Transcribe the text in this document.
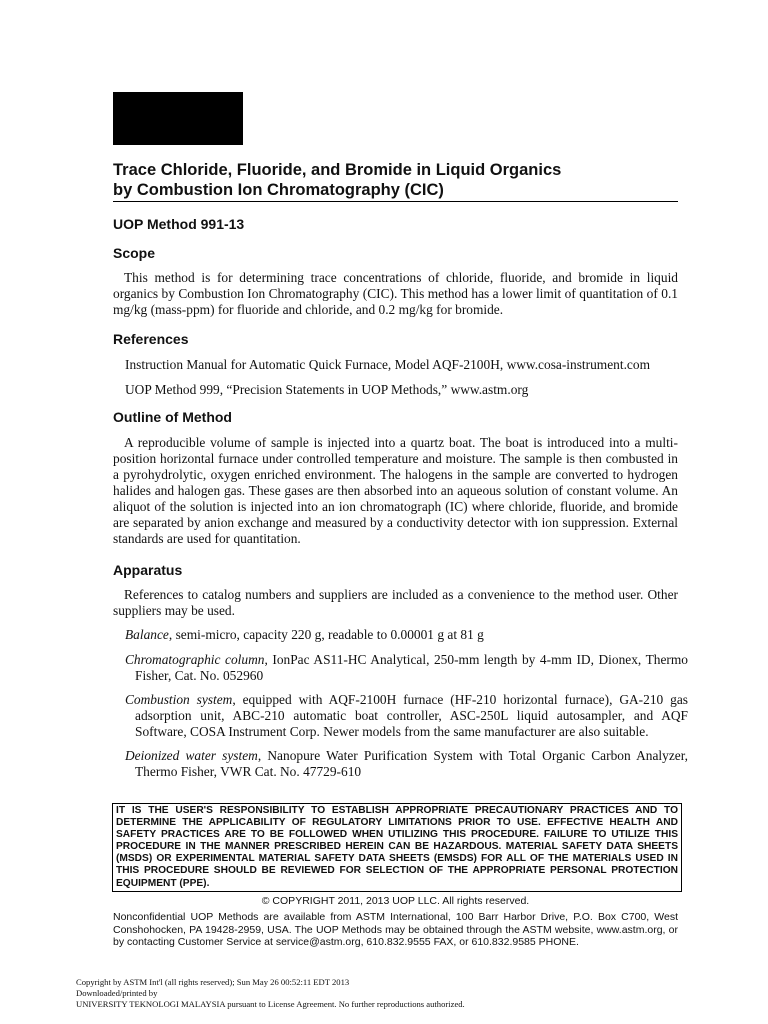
Trace Chloride, Fluoride, and Bromide in Liquid Organics
by Combustion Ion Chromatography (CIC)
UOP Method 991-13
Scope
This method is for determining trace concentrations of chloride, fluoride, and bromide in liquid organics by Combustion Ion Chromatography (CIC). This method has a lower limit of quantitation of 0.1 mg/kg (mass-ppm) for fluoride and chloride, and 0.2 mg/kg for bromide.
References
Instruction Manual for Automatic Quick Furnace, Model AQF-2100H, www.cosa-instrument.com
UOP Method 999, “Precision Statements in UOP Methods,” www.astm.org
Outline of Method
A reproducible volume of sample is injected into a quartz boat. The boat is introduced into a multi-position horizontal furnace under controlled temperature and moisture. The sample is then combusted in a pyrohydrolytic, oxygen enriched environment. The halogens in the sample are converted to hydrogen halides and halogen gas. These gases are then absorbed into an aqueous solution of constant volume. An aliquot of the solution is injected into an ion chromatograph (IC) where chloride, fluoride, and bromide are separated by anion exchange and measured by a conductivity detector with ion suppression. External standards are used for quantitation.
Apparatus
References to catalog numbers and suppliers are included as a convenience to the method user. Other suppliers may be used.
Balance, semi-micro, capacity 220 g, readable to 0.00001 g at 81 g
Chromatographic column, IonPac AS11-HC Analytical, 250-mm length by 4-mm ID, Dionex, Thermo Fisher, Cat. No. 052960
Combustion system, equipped with AQF-2100H furnace (HF-210 horizontal furnace), GA-210 gas adsorption unit, ABC-210 automatic boat controller, ASC-250L liquid autosampler, and AQF Software, COSA Instrument Corp. Newer models from the same manufacturer are also suitable.
Deionized water system, Nanopure Water Purification System with Total Organic Carbon Analyzer, Thermo Fisher, VWR Cat. No. 47729-610
IT IS THE USER'S RESPONSIBILITY TO ESTABLISH APPROPRIATE PRECAUTIONARY PRACTICES AND TO DETERMINE THE APPLICABILITY OF REGULATORY LIMITATIONS PRIOR TO USE. EFFECTIVE HEALTH AND SAFETY PRACTICES ARE TO BE FOLLOWED WHEN UTILIZING THIS PROCEDURE. FAILURE TO UTILIZE THIS PROCEDURE IN THE MANNER PRESCRIBED HEREIN CAN BE HAZARDOUS. MATERIAL SAFETY DATA SHEETS (MSDS) OR EXPERIMENTAL MATERIAL SAFETY DATA SHEETS (EMSDS) FOR ALL OF THE MATERIALS USED IN THIS PROCEDURE SHOULD BE REVIEWED FOR SELECTION OF THE APPROPRIATE PERSONAL PROTECTION EQUIPMENT (PPE).
© COPYRIGHT 2011, 2013 UOP LLC. All rights reserved.
Nonconfidential UOP Methods are available from ASTM International, 100 Barr Harbor Drive, P.O. Box C700, West Conshohocken, PA 19428-2959, USA. The UOP Methods may be obtained through the ASTM website, www.astm.org, or by contacting Customer Service at service@astm.org, 610.832.9555 FAX, or 610.832.9585 PHONE.
Copyright by ASTM Int'l (all rights reserved); Sun May 26 00:52:11 EDT 2013
Downloaded/printed by
UNIVERSITY TEKNOLOGI MALAYSIA pursuant to License Agreement. No further reproductions authorized.
